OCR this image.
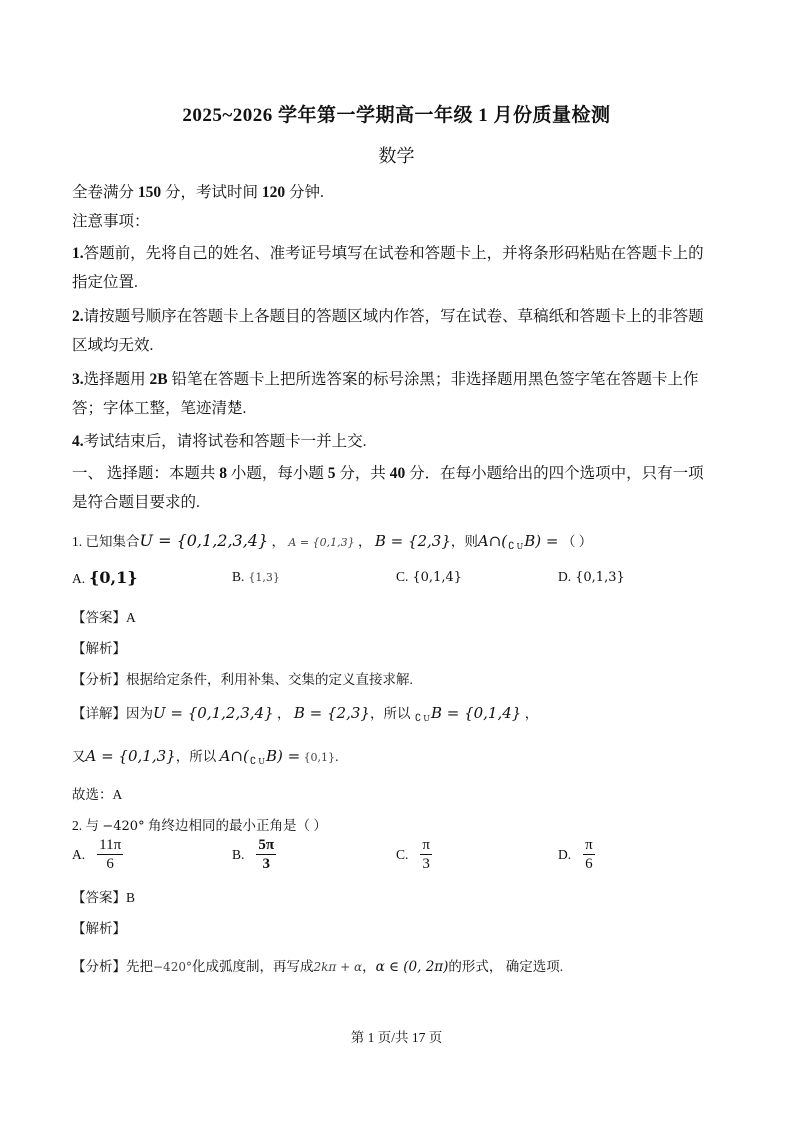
2025~2026 学年第一学期高一年级 1 月份质量检测
数学
全卷满分 150 分，考试时间 120 分钟.
注意事项：
1.答题前，先将自己的姓名、准考证号填写在试卷和答题卡上，并将条形码粘贴在答题卡上的
指定位置.
2.请按题号顺序在答题卡上各题目的答题区域内作答，写在试卷、草稿纸和答题卡上的非答题
区域均无效.
3.选择题用 2B 铅笔在答题卡上把所选答案的标号涂黑；非选择题用黑色签字笔在答题卡上作
答；字体工整，笔迹清楚.
4.考试结束后，请将试卷和答题卡一并上交.
一、 选择题：本题共 8 小题，每小题 5 分，共 40 分．在每小题给出的四个选项中，只有一项
是符合题目要求的.
1. 已知集合U = {0,1,2,3,4} ， A = {0,1,3} ， B = {2,3}，则$A\cap(_∁$ $_U$B) = （ ）
A. {0,1}	B. {1,3}	C. {0,1,4}	D. {0,1,3}
【答案】A
【解析】
【分析】根据给定条件，利用补集、交集的定义直接求解.
【详解】因为U = {0,1,2,3,4} ， B = {2,3}，所以 $_∁$ $_U$B = {0,1,4} ，
又A = {0,1,3}，所以 $A\cap(_∁$ $_U$B) = {0,1}.
故选：A
2. 与 −420° 角终边相同的最小正角是（ ）
A. $\frac{11\pi}{6}$	B. $\frac{5\pi}{3}$	C. $\frac{\pi}{3}$	D. $\frac{\pi}{6}$
【答案】B
【解析】
【分析】先把−420°化成弧度制，再写成2kπ + α，α ∈ (0, 2π)的形式， 确定选项.
第 1 页/共 17 页
